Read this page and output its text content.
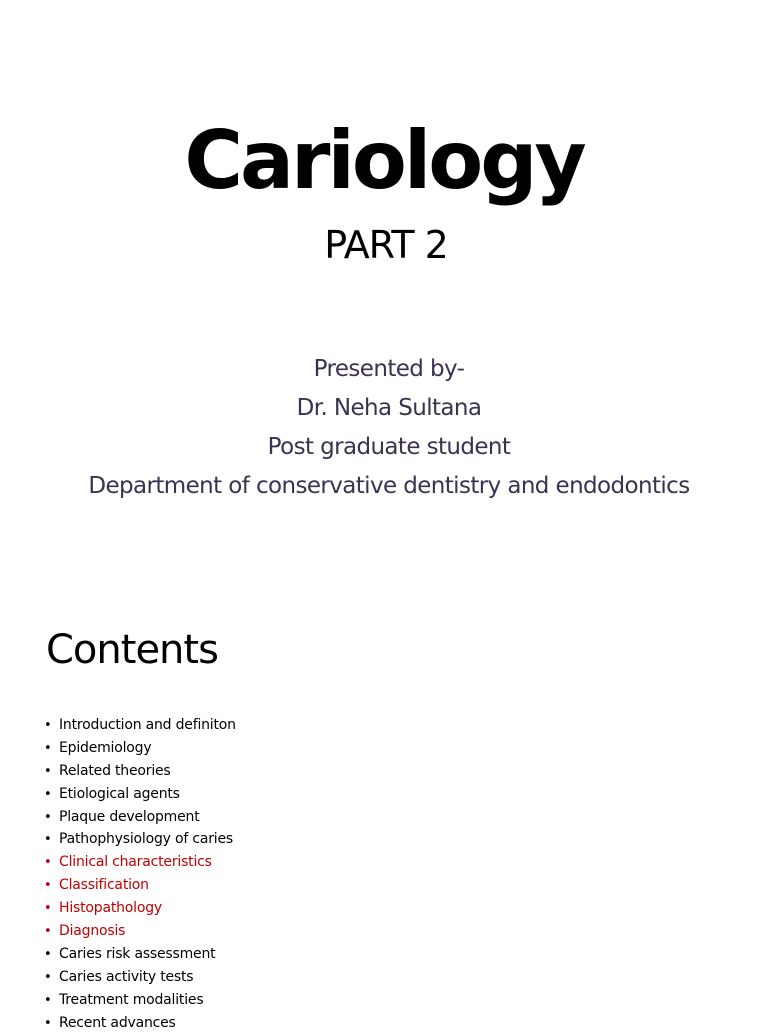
Cariology
PART 2
Presented by-
Dr. Neha Sultana
Post graduate student
Department of conservative dentistry and endodontics
Contents
• Introduction and definiton
• Epidemiology
• Related theories
• Etiological agents
• Plaque development
• Pathophysiology of caries
• Clinical characteristics
• Classification
• Histopathology
• Diagnosis
• Caries risk assessment
• Caries activity tests
• Treatment modalities
• Recent advances
